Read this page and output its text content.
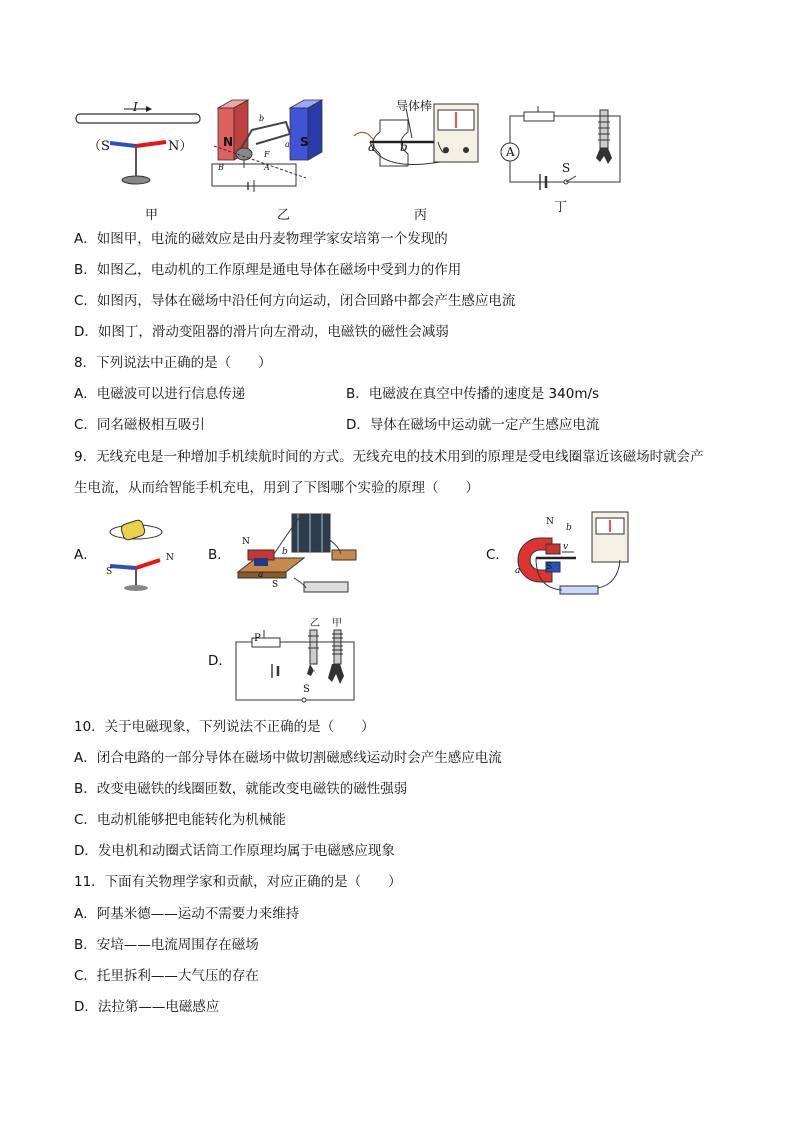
I
（S	N）
甲
N	S
b
a
F
B	A
乙
导体棒
a b
丙
A
S
丁
A．如图甲，电流的磁效应是由丹麦物理学家安培第一个发现的
B．如图乙，电动机的工作原理是通电导体在磁场中受到力的作用
C．如图丙，导体在磁场中沿任何方向运动，闭合回路中都会产生感应电流
D．如图丁，滑动变阻器的滑片向左滑动，电磁铁的磁性会减弱
8．下列说法中正确的是（　　）
A．电磁波可以进行信息传递	B．电磁波在真空中传播的速度是 340m/s
C．同名磁极相互吸引	D．导体在磁场中运动就一定产生感应电流
9．无线充电是一种增加手机续航时间的方式。无线充电的技术用到的原理是受电线圈靠近该磁场时就会产
生电流，从而给智能手机充电，用到了下图哪个实验的原理（　　）
A．
S
N	B．
N
b
a
S
C．
N
b
v
S
a
D．
P
乙 甲
S
10．关于电磁现象，下列说法不正确的是（　　）
A．闭合电路的一部分导体在磁场中做切割磁感线运动时会产生感应电流
B．改变电磁铁的线圈匝数，就能改变电磁铁的磁性强弱
C．电动机能够把电能转化为机械能
D．发电机和动圈式话筒工作原理均属于电磁感应现象
11．下面有关物理学家和贡献，对应正确的是（　　）
A．阿基米德——运动不需要力来维持
B．安培——电流周围存在磁场
C．托里拆利——大气压的存在
D．法拉第——电磁感应
